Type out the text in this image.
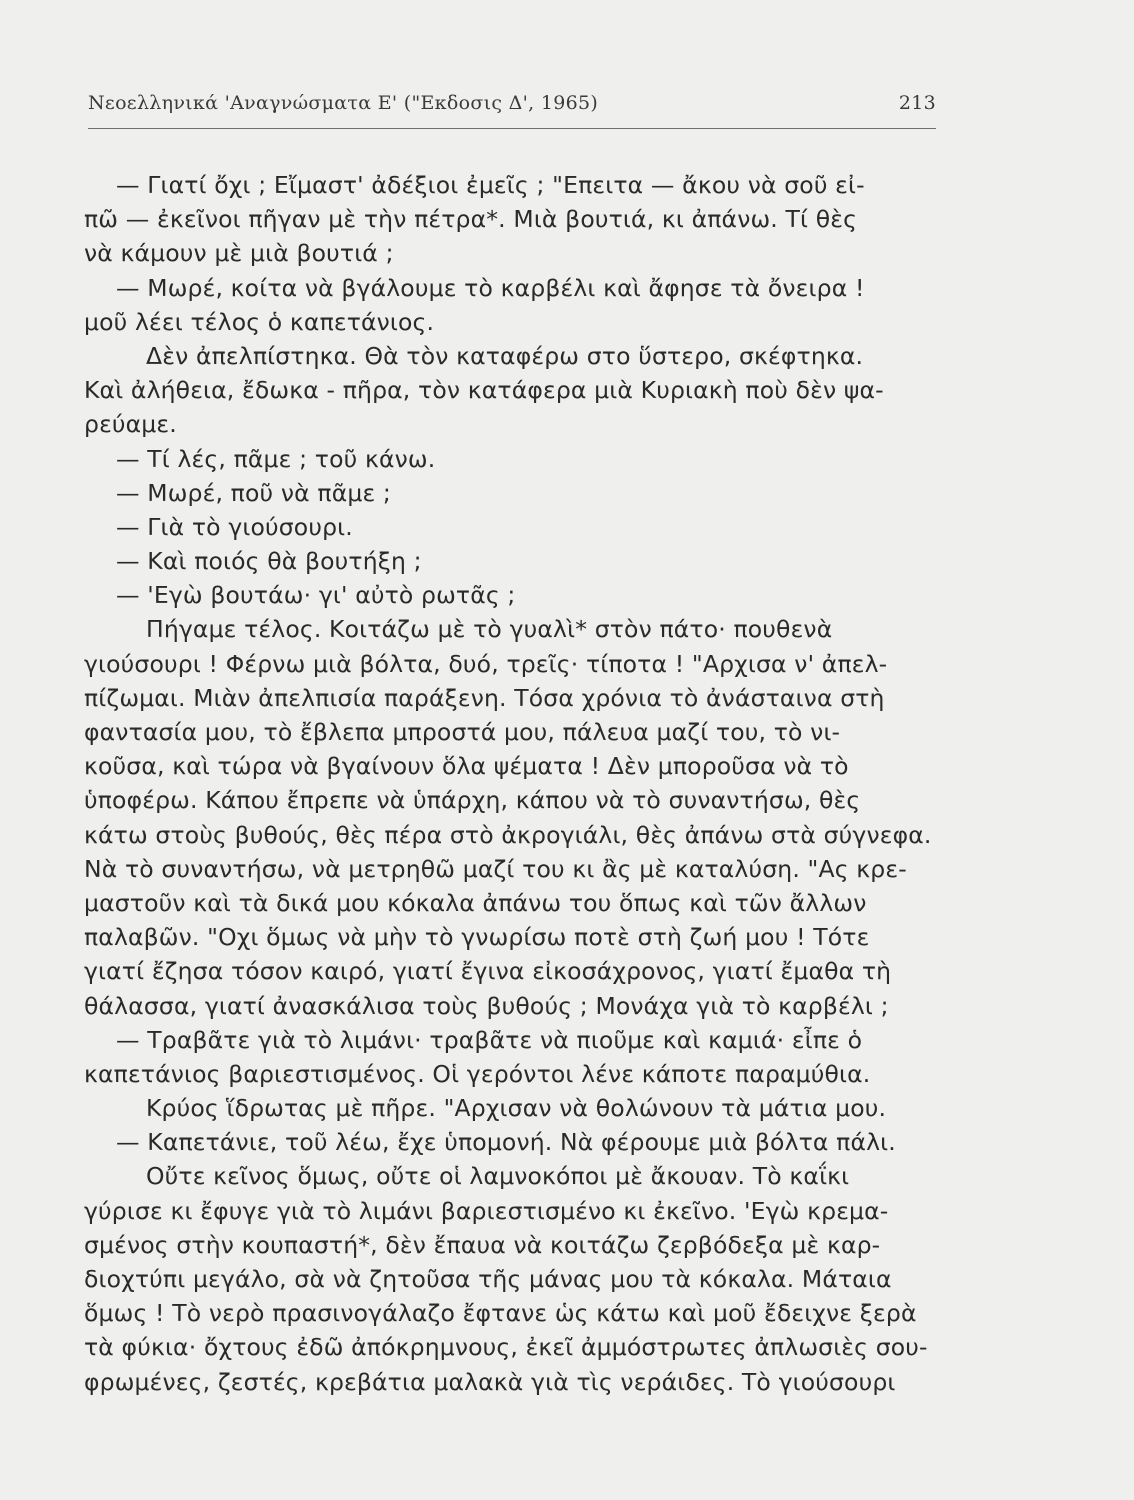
Νεοελληνικά 'Αναγνώσματα Ε' ("Εκδοσις Δ', 1965)	213
— Γιατί ὄχι ; Εἴμαστ' ἀδέξιοι ἐμεῖς ; "Επειτα — ἄκου νὰ σοῦ εἰ-
πῶ — ἐκεῖνοι πῆγαν μὲ τὴν πέτρα*. Μιὰ βουτιά, κι ἀπάνω. Τί θὲς
νὰ κάμουν μὲ μιὰ βουτιά ;
— Μωρέ, κοίτα νὰ βγάλουμε τὸ καρβέλι καὶ ἄφησε τὰ ὄνειρα !
μοῦ λέει τέλος ὁ καπετάνιος.
Δὲν ἀπελπίστηκα. Θὰ τὸν καταφέρω στο ὕστερο, σκέφτηκα.
Καὶ ἀλήθεια, ἔδωκα - πῆρα, τὸν κατάφερα μιὰ Κυριακὴ ποὺ δὲν ψα-
ρεύαμε.
— Τί λές, πᾶμε ; τοῦ κάνω.
— Μωρέ, ποῦ νὰ πᾶμε ;
— Γιὰ τὸ γιούσουρι.
— Καὶ ποιός θὰ βουτήξη ;
— 'Εγὼ βουτάω· γι' αὐτὸ ρωτᾶς ;
Πήγαμε τέλος. Κοιτάζω μὲ τὸ γυαλὶ* στὸν πάτο· πουθενὰ
γιούσουρι ! Φέρνω μιὰ βόλτα, δυό, τρεῖς· τίποτα ! "Αρχισα ν' ἀπελ-
πίζωμαι. Μιὰν ἀπελπισία παράξενη. Τόσα χρόνια τὸ ἀνάσταινα στὴ
φαντασία μου, τὸ ἔβλεπα μπροστά μου, πάλευα μαζί του, τὸ νι-
κοῦσα, καὶ τώρα νὰ βγαίνουν ὅλα ψέματα ! Δὲν μποροῦσα νὰ τὸ
ὑποφέρω. Κάπου ἔπρεπε νὰ ὑπάρχη, κάπου νὰ τὸ συναντήσω, θὲς
κάτω στοὺς βυθούς, θὲς πέρα στὸ ἀκρογιάλι, θὲς ἀπάνω στὰ σύγνεφα.
Νὰ τὸ συναντήσω, νὰ μετρηθῶ μαζί του κι ἂς μὲ καταλύση. "Ας κρε-
μαστοῦν καὶ τὰ δικά μου κόκαλα ἀπάνω του ὅπως καὶ τῶν ἄλλων
παλαβῶν. "Οχι ὅμως νὰ μὴν τὸ γνωρίσω ποτὲ στὴ ζωή μου ! Τότε
γιατί ἔζησα τόσον καιρό, γιατί ἔγινα εἰκοσάχρονος, γιατί ἔμαθα τὴ
θάλασσα, γιατί ἀνασκάλισα τοὺς βυθούς ; Μονάχα γιὰ τὸ καρβέλι ;
— Τραβᾶτε γιὰ τὸ λιμάνι· τραβᾶτε νὰ πιοῦμε καὶ καμιά· εἶπε ὁ
καπετάνιος βαριεστισμένος. Οἱ γερόντοι λένε κάποτε παραμύθια.
Κρύος ἵδρωτας μὲ πῆρε. "Αρχισαν νὰ θολώνουν τὰ μάτια μου.
— Καπετάνιε, τοῦ λέω, ἔχε ὑπομονή. Νὰ φέρουμε μιὰ βόλτα πάλι.
Οὔτε κεῖνος ὅμως, οὔτε οἱ λαμνοκόποι μὲ ἄκουαν. Τὸ καΐκι
γύρισε κι ἔφυγε γιὰ τὸ λιμάνι βαριεστισμένο κι ἐκεῖνο. 'Εγὼ κρεμα-
σμένος στὴν κουπαστή*, δὲν ἔπαυα νὰ κοιτάζω ζερβόδεξα μὲ καρ-
διοχτύπι μεγάλο, σὰ νὰ ζητοῦσα τῆς μάνας μου τὰ κόκαλα. Μάταια
ὅμως ! Τὸ νερὸ πρασινογάλαζο ἔφτανε ὡς κάτω καὶ μοῦ ἔδειχνε ξερὰ
τὰ φύκια· ὄχτους ἐδῶ ἀπόκρημνους, ἐκεῖ ἀμμόστρωτες ἀπλωσιὲς σου-
φρωμένες, ζεστές, κρεβάτια μαλακὰ γιὰ τὶς νεράιδες. Τὸ γιούσουρι
